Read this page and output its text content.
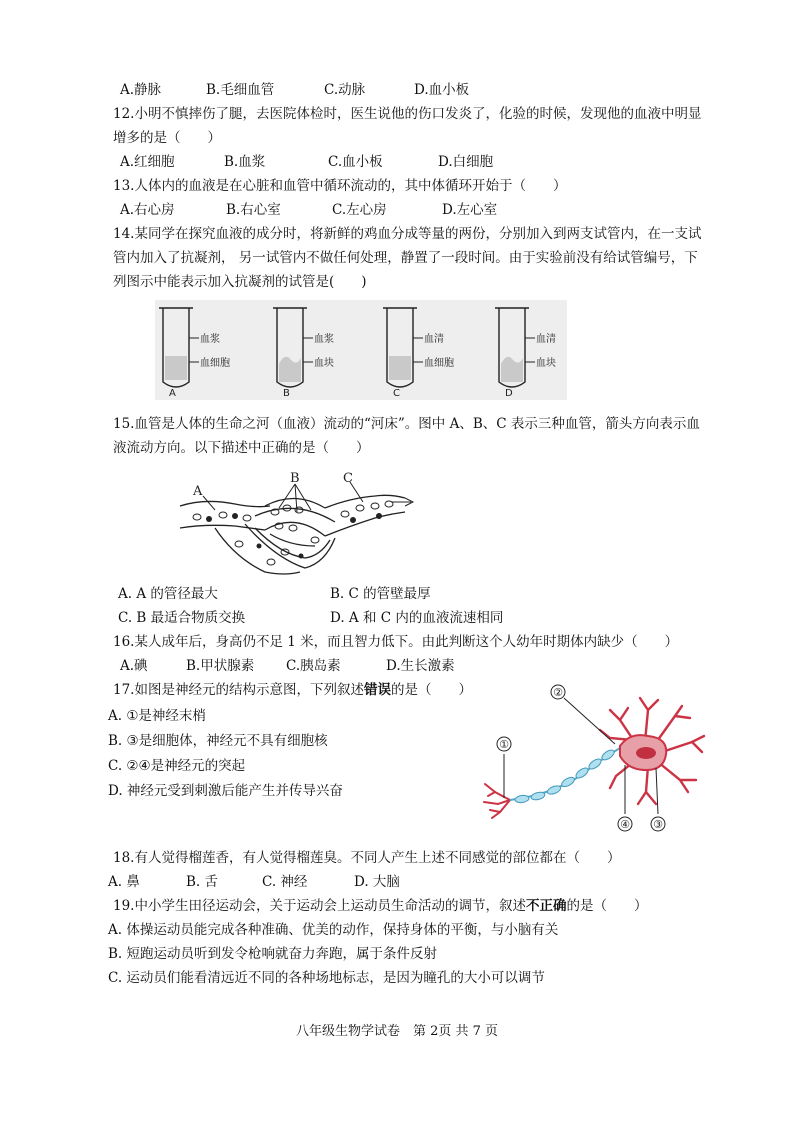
A.静脉	B.毛细血管	C.动脉	D.血小板
12.小明不慎摔伤了腿，去医院体检时，医生说他的伤口发炎了，化验的时候，发现他的血液中明显
增多的是（　　）
A.红细胞	B.血浆	C.血小板	D.白细胞
13.人体内的血液是在心脏和血管中循环流动的，其中体循环开始于（　　）
A.右心房	B.右心室	C.左心房	D.左心室
14.某同学在探究血液的成分时，将新鲜的鸡血分成等量的两份，分别加入到两支试管内，在一支试
管内加入了抗凝剂， 另一试管内不做任何处理，静置了一段时间。由于实验前没有给试管编号，下
列图示中能表示加入抗凝剂的试管是(　　)
血浆
血细胞
A
血浆
血块
B
血清
血细胞
C
血清
血块
D
15.血管是人体的生命之河（血液）流动的“河床”。图中 A、B、C 表示三种血管，箭头方向表示血
液流动方向。以下描述中正确的是（　　）
A
B	C
A. A 的管径最大	B. C 的管壁最厚
C. B 最适合物质交换	D. A 和 C 内的血液流速相同
16.某人成年后，身高仍不足 1 米，而且智力低下。由此判断这个人幼年时期体内缺少（　　）
A.碘	B.甲状腺素 C.胰岛素	D.生长激素
17.如图是神经元的结构示意图，下列叙述错误的是（　　）
A. ①是神经末梢
B. ③是细胞体，神经元不具有细胞核
C. ②④是神经元的突起
D. 神经元受到刺激后能产生并传导兴奋
①
②
④ ③
18.有人觉得榴莲香，有人觉得榴莲臭。不同人产生上述不同感觉的部位都在（　　）
A. 鼻	B. 舌	C. 神经	D. 大脑
19.中小学生田径运动会，关于运动会上运动员生命活动的调节，叙述不正确的是（　　）
A. 体操运动员能完成各种准确、优美的动作，保持身体的平衡，与小脑有关
B. 短跑运动员听到发令枪响就奋力奔跑，属于条件反射
C. 运动员们能看清远近不同的各种场地标志，是因为瞳孔的大小可以调节
八年级生物学试卷　第 2页 共 7 页
